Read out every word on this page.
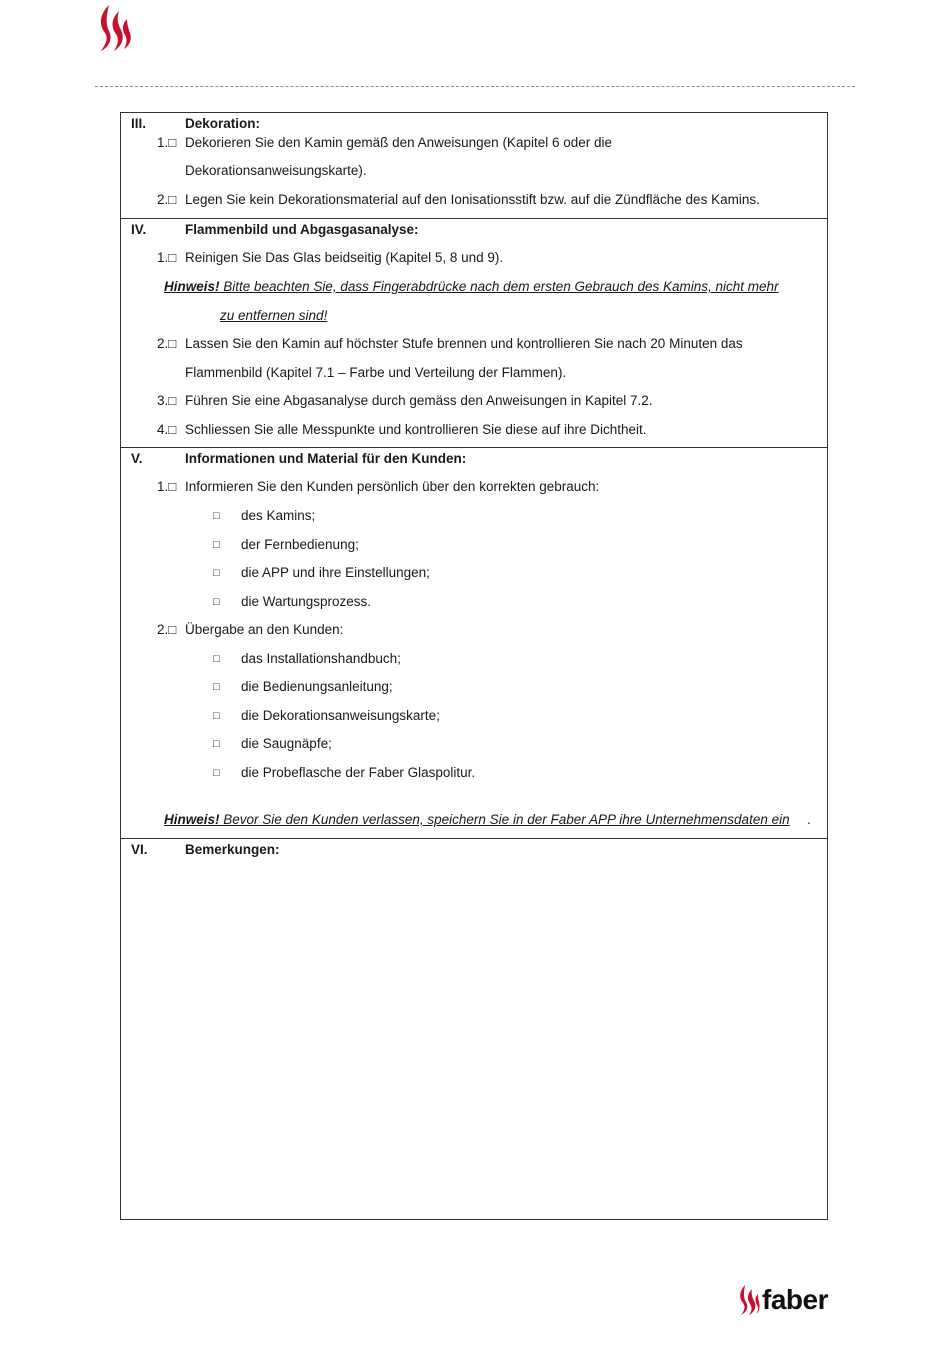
III.	Dekoration:
1.□ Dekorieren Sie den Kamin gemäß den Anweisungen (Kapitel 6 oder die
Dekorationsanweisungskarte).
2.□ Legen Sie kein Dekorationsmaterial auf den Ionisationsstift bzw. auf die Zündfläche des Kamins.
IV.	Flammenbild und Abgasgasanalyse:
1.□ Reinigen Sie Das Glas beidseitig (Kapitel 5, 8 und 9).
Hinweis! Bitte beachten Sie, dass Fingerabdrücke nach dem ersten Gebrauch des Kamins, nicht mehr
zu entfernen sind!
2.□ Lassen Sie den Kamin auf höchster Stufe brennen und kontrollieren Sie nach 20 Minuten das
Flammenbild (Kapitel 7.1 – Farbe und Verteilung der Flammen).
3.□ Führen Sie eine Abgasanalyse durch gemäss den Anweisungen in Kapitel 7.2.
4.□ Schliessen Sie alle Messpunkte und kontrollieren Sie diese auf ihre Dichtheit.
V.	Informationen und Material für den Kunden:
1.□ Informieren Sie den Kunden persönlich über den korrekten gebrauch:
□ des Kamins;
□ der Fernbedienung;
□ die APP und ihre Einstellungen;
□ die Wartungsprozess.
2.□ Übergabe an den Kunden:
□ das Installationshandbuch;
□ die Bedienungsanleitung;
□ die Dekorationsanweisungskarte;
□ die Saugnäpfe;
□ die Probeflasche der Faber Glaspolitur.
Hinweis! Bevor Sie den Kunden verlassen, speichern Sie in der Faber APP ihre Unternehmensdaten ein .
VI.	Bemerkungen:
faber
